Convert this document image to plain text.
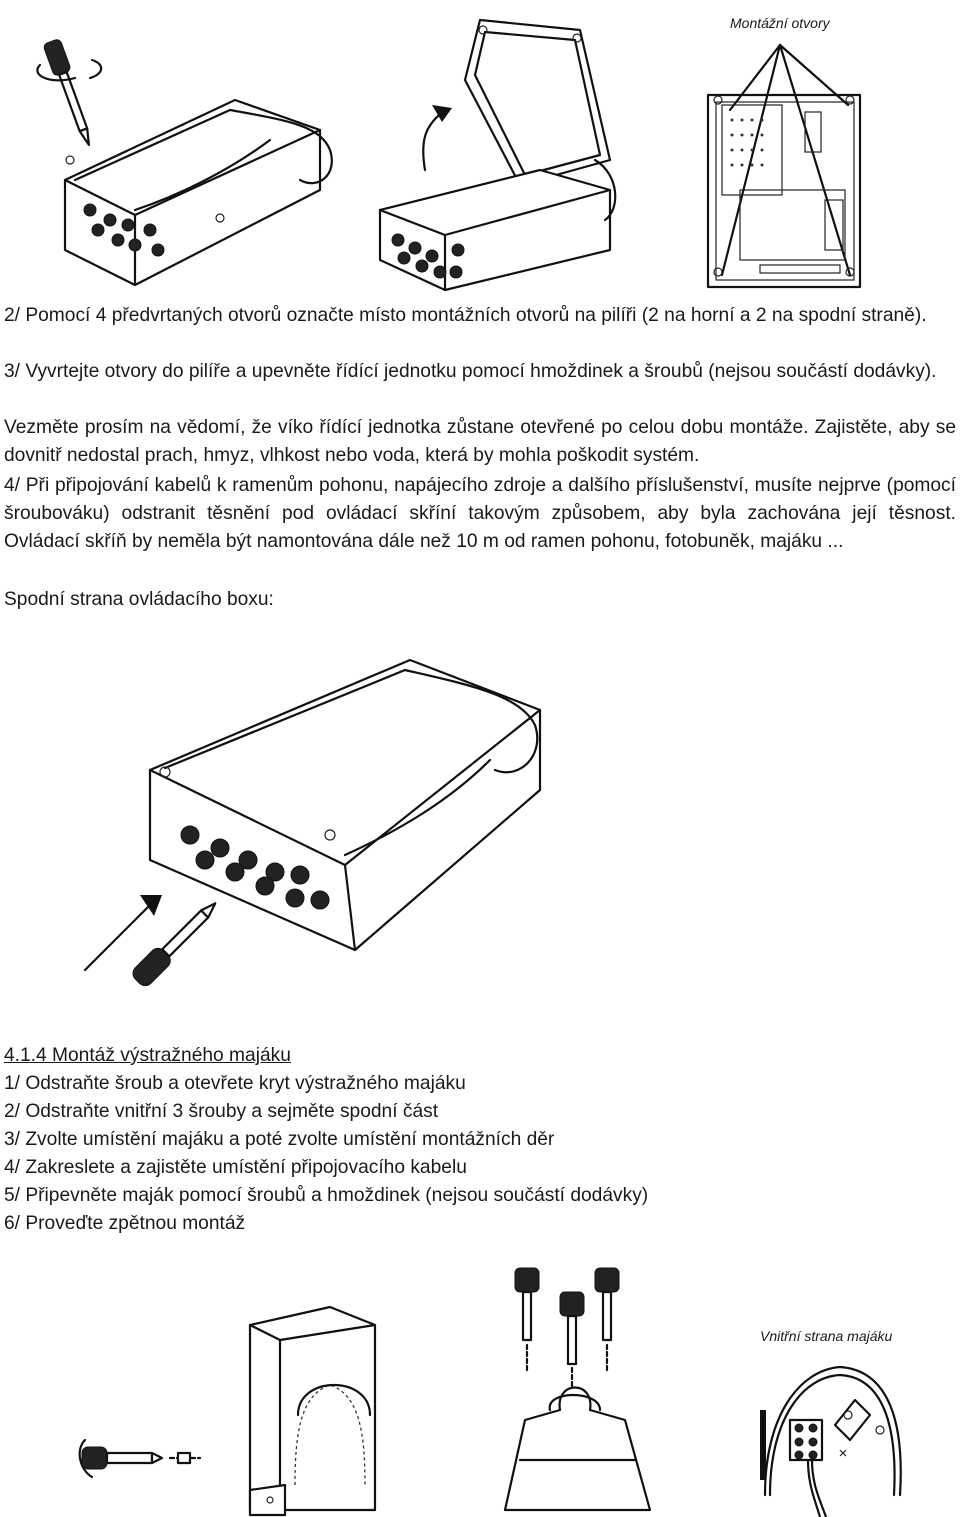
Montážní otvory
2/ Pomocí 4 předvrtaných otvorů označte místo montážních otvorů na pilíři (2 na horní a 2 na spodní straně).
3/ Vyvrtejte otvory do pilíře a upevněte řídící jednotku pomocí hmoždinek a šroubů (nejsou součástí dodávky).
Vezměte prosím na vědomí, že víko řídící jednotka zůstane otevřené po celou dobu montáže. Zajistěte, aby se dovnitř nedostal prach, hmyz, vlhkost nebo voda, která by mohla poškodit systém.
4/ Při připojování kabelů k ramenům pohonu, napájecího zdroje a dalšího příslušenství, musíte nejprve (pomocí šroubováku) odstranit těsnění pod ovládací skříní takovým způsobem, aby byla zachována její těsnost. Ovládací skříň by neměla být namontována dále než 10 m od ramen pohonu, fotobuněk, majáku ...
Spodní strana ovládacího boxu:
4.1.4 Montáž výstražného majáku
1/ Odstraňte šroub a otevřete kryt výstražného majáku
2/ Odstraňte vnitřní 3 šrouby a sejměte spodní část
3/ Zvolte umístění majáku a poté zvolte umístění montážních děr
4/ Zakreslete a zajistěte umístění připojovacího kabelu
5/ Připevněte maják pomocí šroubů a hmoždinek (nejsou součástí dodávky)
6/ Proveďte zpětnou montáž
Vnitřní strana majáku
